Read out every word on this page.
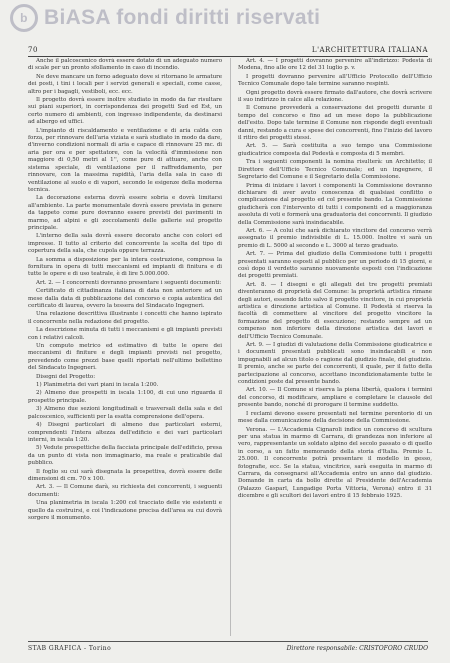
b BiASA fondi diritti riservati
70	L'ARCHITETTURA ITALIANA

Anche il palcoscenico dovrà essere dotato di un adeguato numero di scale per un pronto sfollamento in caso di incendio.

Ne deve mancare un forno adeguato dove si ritornano le armature dei posti, i tini i locali per i servizi generali e speciali, come casse, altro per i bagagli, vestiboli, ecc. ecc.

Il progetto dovrà essere inoltre studiato in modo da far risultare sui piani superiori, in corrispondenza dei progetti Sud ed Est, un certo numero di ambienti, con ingresso indipendente, da destinarsi ad albergo ed uffici.

L'impianto di riscaldamento e ventilazione e di aria calda con forza, per rinnovare dell'aria viziata e sarà studiato in modo da dare, d'inverno condizioni normali di aria e capace di rinnovare 25 mc. di aria per ora e per spettatore, con la velocità d'immissione non maggiore di 0,50 metri al 1'', come pure di attuare, anche con sistema speciale, di ventilazione per il raffreddamento, per rinnovare, con la massima rapidità, l'aria della sala in caso di ventilazione al suolo e di vapori, secondo le esigenze della moderna tecnica.

La decorazione esterna dovrà essere sobria e dovrà limitarsi all'ambiente. La parte monumentale dovrà essere prevista in genere da tappeto come pure dovranno essere previsti dei pavimenti in marmo, ad alpini e gli zoccolamenti delle gallerie sul progetto principale.

L'interno della sala dovrà essere decorato anche con colori ed impresse. Il tutto al criterio del concorrente la scelta del tipo di copertura della sala, che cupola oppure terrazza.

La somma a disposizione per la intera costruzione, compresa la fornitura in opera di tutti meccanismi ed impianti di finitura e di tutte le opere e di uso teatrale, è di lire 5.000.000.

Art. 2. — I concorrenti dovranno presentare i seguenti documenti:

Certificato di cittadinanza italiana di data non anteriore ad un mese dalla data di pubblicazione del concorso e copia autentica del certificato di laurea, ovvero la tessera del Sindacato Ingegneri.

Una relazione descrittiva illustrante i concetti che hanno ispirato il concorrente nella redazione del progetto.

La descrizione minuta di tutti i meccanismi e gli impianti previsti con i relativi calcoli.

Un computo metrico ed estimativo di tutte le opere dei meccanismi di finiture e degli impianti previsti nel progetto, prevedendo come prezzi base quelli riportati nell'ultimo bollettino del Sindacato Ingegneri.

Disegni del Progetto:

1) Planimetria dei vari piani in iscala 1:200.

2) Almeno due prospetti in iscala 1:100, di cui uno riguarda il prospetto principale.

3) Almeno due sezioni longitudinali e trasversali della sala e del palcoscenico, sufficienti per la esatta comprensione dell'opera.

4) Disegni particolari di almeno due particolari esterni, comprendenti l'intera altezza dell'edificio e dei vari particolari interni, in iscala 1:20.

5) Vedute prospettiche della facciata principale dell'edificio, presa da un punto di vista non immaginario, ma reale e praticabile dal pubblico.

Il foglio su cui sarà disegnata la prospettiva, dovrà essere delle dimensioni di cm. 70 x 100.

Art. 3. — Il Comune darà, su richiesta dei concorrenti, i seguenti documenti:

Una planimetria in iscala 1:200 col tracciato delle vie esistenti e quello da costruirsi, e coi l'indicazione precisa dell'area su cui dovrà sorgere il monumento.

Art. 4. — I progetti dovranno pervenire all'indirizzo: Podestà di Modena, fino alle ore 12 del 31 luglio p. v.

I progetti dovranno pervenire all'Ufficio Protocollo dell'Ufficio Tecnico Comunale dopo tale termine saranno respinti.

Ogni progetto dovrà essere firmato dall'autore, che dovrà scrivere il suo indirizzo in calce alla relazione.

Il Comune provvederà a conservazione dei progetti durante il tempo del concorso e fino ad un mese dopo la pubblicazione dell'esito. Dopo tale termine il Comune non risponde degli eventuali danni, restando a cura e spese dei concorrenti, fino l'inizio del lavoro il ritiro dei progetti stessi.

Art. 5. — Sarà costituita a suo tempo una Commissione giudicatrice composta dal Podestà e composta di 5 membri.

Tra i seguenti componenti la nomina risulterà: un Architetto; il Direttore dell'Ufficio Tecnico Comunale; ed un ingegnere, il Segretario del Comune e il Segretario della Commissione.

Prima di iniziare i lavori i componenti la Commissione dovranno dichiarare di aver avuto conoscenza di qualsiasi conflitto o complicazione dal progetto ed col presente bando. La Commissione giudicherà con l'intervento di tutti i componenti ed a maggioranza assoluta di voti e formerà una graduatoria dei concorrenti. Il giudizio della Commissione sarà insindacabile.

Art. 6. — A colui che sarà dichiarato vincitore del concorso verrà assegnato il premio indivisibile di L. 15.000. Inoltre vi sarà un premio di L. 5000 al secondo e L. 3000 al terzo graduato.

Art. 7. — Prima del giudizio della Commissione tutti i progetti presentati saranno esposti al pubblico per un periodo di 15 giorni, e così dopo il verdetto saranno nuovamente esposti con l'indicazione dei progetti premiati.

Art. 8. — I disegni e gli allegati dei tre progetti premiati diventeranno di proprietà del Comune: la proprietà artistica rimane degli autori, essendo fatto salvo il progetto vincitore, in cui proprietà artistica e direzione artistica al Comune. Il Podestà si riserva la facoltà di commettere al vincitore del progetto vincitore la formazione del progetto di esecuzione; restando sempre ad un compenso non inferiore della direzione artistica dei lavori e dell'Ufficio Tecnico Comunale.

Art. 9. — I giudizi di valutazione della Commissione giudicatrice e i documenti presentati pubblicati sono insindacabili e non impugnabili ad alcun titolo o ragione dal giudizio finale, del giudizio. Il premio, anche se parte dei concorrenti, il quale, per il fatto della partecipazione al concorso, accettano incondizionatamente tutte le condizioni poste dal presente bando.

Art. 10. — Il Comune si riserva la piena libertà, qualora i termini del concorso, di modificare, ampliare e completare le clausole del presente bando, nonché di prorogare il termine suddetto.

I reclami devono essere presentati nel termine perentorio di un mese dalla comunicazione della decisione della Commissione.

Verona. — L'Accademia Cignaroli indice un concorso di scultura per una statua in marmo di Carrara, di grandezza non inferiore al vero, rappresentante un soldato alpino del secolo passato o di quello in corso, a un fatto memorando della storia d'Italia. Premio L. 25.000. Il concorrente potrà presentare il modello in gesso, fotografie, ecc. Se la statua, vincitrice, sarà eseguita in marmo di Carrara, da consegnarsi all'Accademia entro un anno dal giudizio. Domande in carta da bollo dirette al Presidente dell'Accademia (Palazzo Gasparl, Lungadige Porta Vittoria, Verona) entro il 31 dicembre e gli scultori dei lavori entro il 15 febbraio 1925.

STAB GRAFICA - Torino	Direttore responsabile: CRISTOFORO CRUDO
